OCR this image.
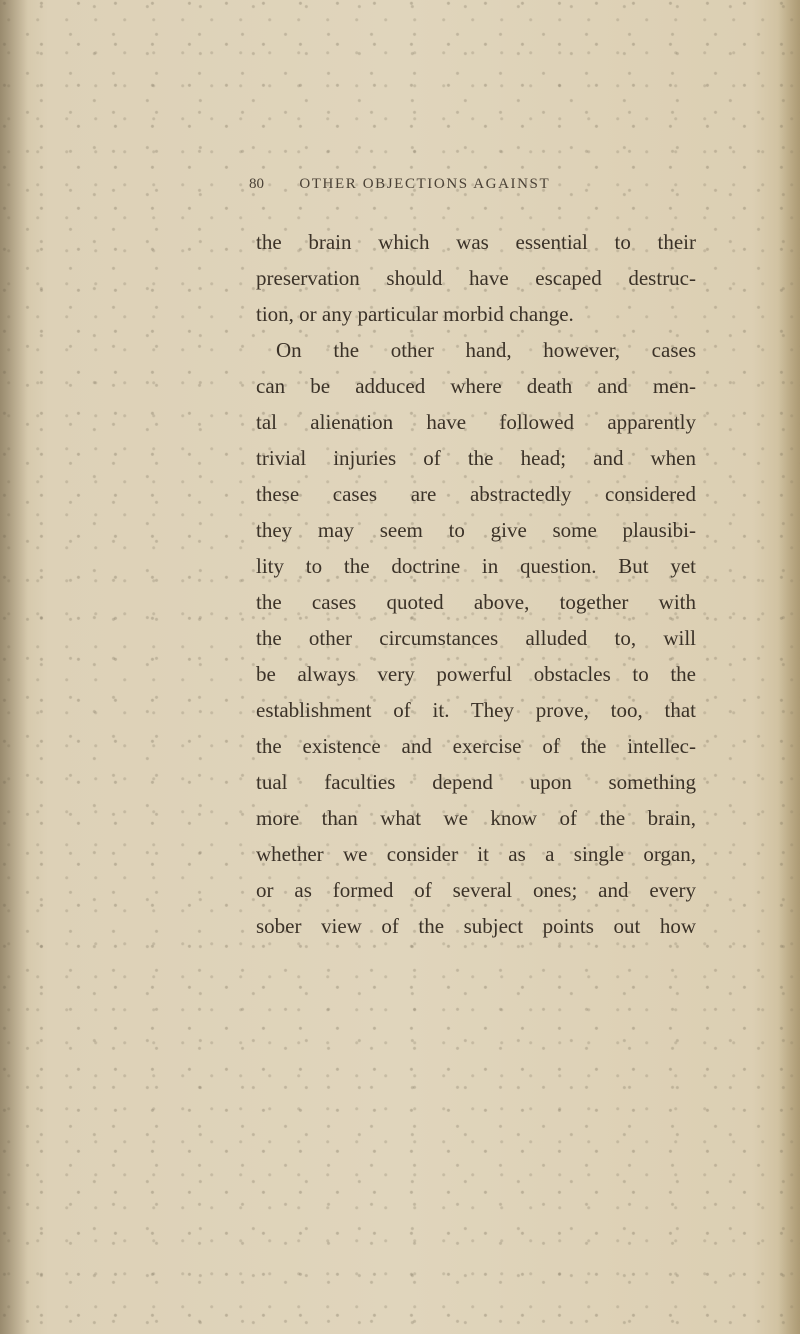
80 OTHER OBJECTIONS AGAINST
the brain which was essential to their
preservation should have escaped destruc-
tion, or any particular morbid change.
On the other hand, however, cases
can be adduced where death and men-
tal alienation have followed apparently
trivial injuries of the head; and when
these cases are abstractedly considered
they may seem to give some plausibi-
lity to the doctrine in question. But yet
the cases quoted above, together with
the other circumstances alluded to, will
be always very powerful obstacles to the
establishment of it. They prove, too, that
the existence and exercise of the intellec-
tual faculties depend upon something
more than what we know of the brain,
whether we consider it as a single organ,
or as formed of several ones; and every
sober view of the subject points out how
